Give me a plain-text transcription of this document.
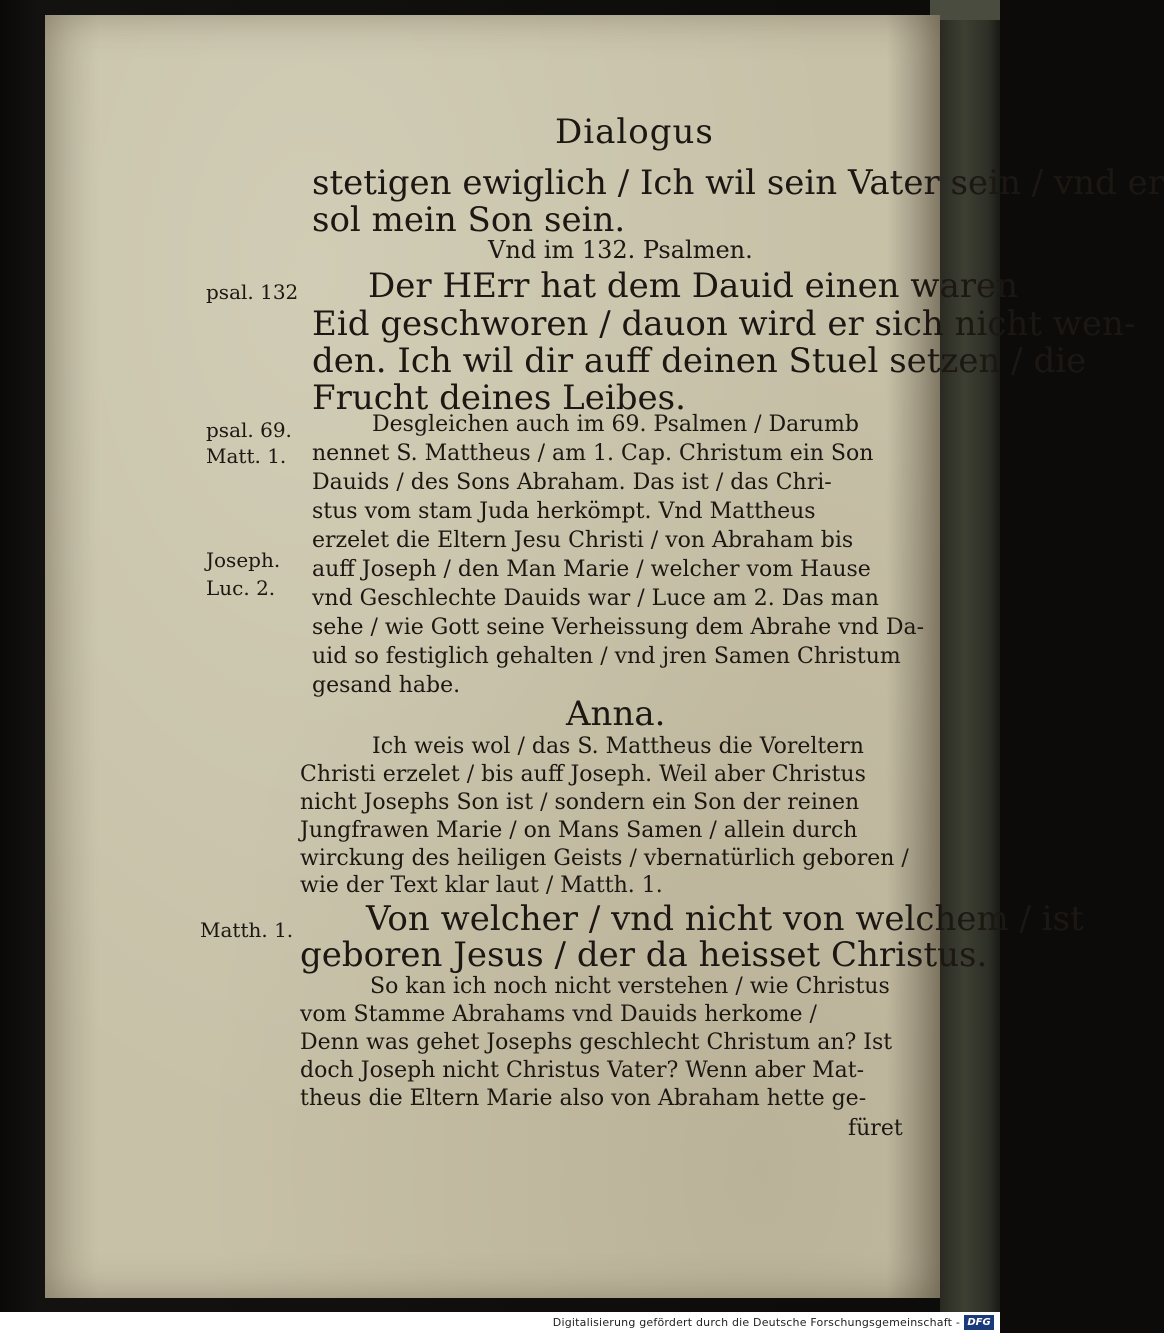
Dialogus
stetigen ewiglich / Ich wil sein Vater sein / vnd er
sol mein Son sein.
Vnd im 132. Psalmen.
Der HErr hat dem Dauid einen waren
Eid geschworen / dauon wird er sich nicht wen-
den. Ich wil dir auff deinen Stuel setzen / die
Frucht deines Leibes.
Desgleichen auch im 69. Psalmen / Darumb
nennet S. Mattheus / am 1. Cap. Christum ein Son
Dauids / des Sons Abraham. Das ist / das Chri-
stus vom stam Juda herkömpt. Vnd Mattheus
erzelet die Eltern Jesu Christi / von Abraham bis
auff Joseph / den Man Marie / welcher vom Hause
vnd Geschlechte Dauids war / Luce am 2. Das man
sehe / wie Gott seine Verheissung dem Abrahe vnd Da-
uid so festiglich gehalten / vnd jren Samen Christum
gesand habe.
Anna.
Ich weis wol / das S. Mattheus die Voreltern
Christi erzelet / bis auff Joseph. Weil aber Christus
nicht Josephs Son ist / sondern ein Son der reinen
Jungfrawen Marie / on Mans Samen / allein durch
wirckung des heiligen Geists / vbernatürlich geboren /
wie der Text klar laut / Matth. 1.
Von welcher / vnd nicht von welchem / ist
geboren Jesus / der da heisset Christus.
So kan ich noch nicht verstehen / wie Christus
vom Stamme Abrahams vnd Dauids herkome /
Denn was gehet Josephs geschlecht Christum an? Ist
doch Joseph nicht Christus Vater? Wenn aber Mat-
theus die Eltern Marie also von Abraham hette ge-
füret
psal. 132
psal. 69.
Matt. 1.
Joseph.
Luc. 2.
Matth. 1.
Digitalisierung gefördert durch die Deutsche Forschungsgemeinschaft - DFG
